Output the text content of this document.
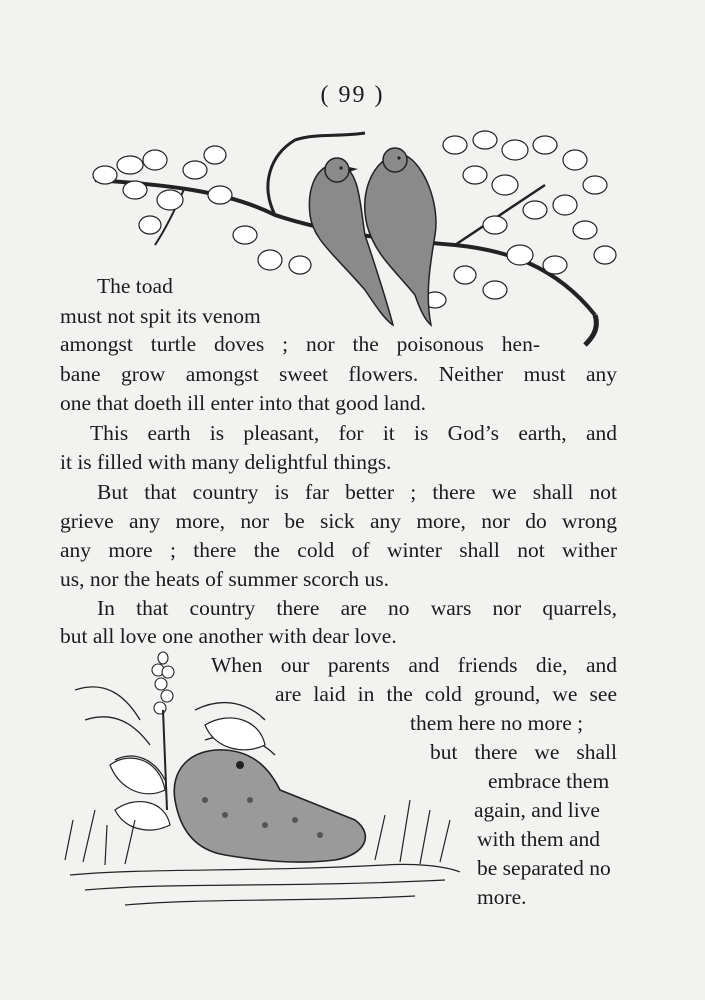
( 99 )
The toad
must not spit its venom
amongst turtle doves ; nor the poisonous hen-
bane grow amongst sweet flowers. Neither must any
one that doeth ill enter into that good land.
This earth is pleasant, for it is God’s earth, and
it is filled with many delightful things.
But that country is far better ; there we shall not
grieve any more, nor be sick any more, nor do wrong
any more ; there the cold of winter shall not wither
us, nor the heats of summer scorch us.
In that country there are no wars nor quarrels,
but all love one another with dear love.
When our parents and friends die, and
are laid in the cold ground, we see
them here no more ;
but there we shall
embrace them
again, and live
with them and
be separated no
more.
